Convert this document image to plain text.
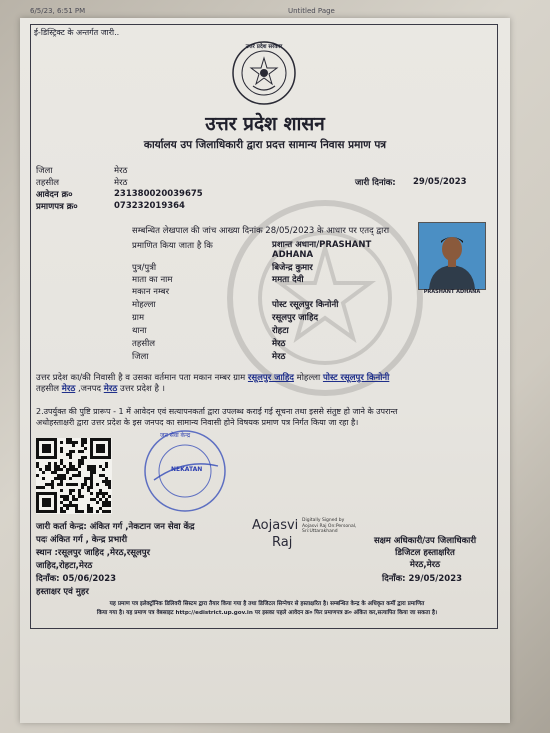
6/5/23, 6:51 PM	Untitled Page
ई-डिस्ट्रिक्ट के अन्तर्गत जारी..
उत्तर प्रदेश सरकार
उत्तर प्रदेश शासन
कार्यालय उप जिलाधिकारी द्वारा प्रदत्त सामान्य निवास प्रमाण पत्र
जिला	मेरठ
तहसील	मेरठ
आवेदन क्र०	231380020039675
प्रमाणपत्र क्र०	073232019364
जारी दिनांक: 29/05/2023
सम्बन्धित लेखपाल की जांच आख्या दिनांक 28/05/2023 के आधार पर एतद् द्वारा
प्रमाणित किया जाता है कि	प्रशान्त अधाना/PRASHANT
ADHANA
पुत्र/पुत्री	बिजेन्द्र कुमार
माता का नाम	ममता देवी
मकान नम्बर
मोहल्ला	पोस्ट रसूलपुर किनोनी
ग्राम	रसूलपुर जाहिद
थाना	रोहटा
तहसील	मेरठ
जिला	मेरठ
PRASHANT ADHANA
उत्तर प्रदेश का/की निवासी है व उसका वर्तमान पता मकान नम्बर ग्राम रसूलपुर जाहिद मोहल्ला पोस्ट रसूलपुर किनोनी
तहसील मेरठ ,जनपद मेरठ उत्तर प्रदेश है ।
2.उपर्युक्त की पुष्टि प्रारूप - 1 में आवेदन एवं सत्यापनकर्ता द्वारा उपलब्ध कराई गई सूचना तथा इससे संतुष्ट हो जाने के उपरान्त
अधोहस्ताक्षरी द्वारा उत्तर प्रदेश के इस जनपद का सामान्य निवासी होने विषयक प्रमाण पत्र निर्गत किया जा रहा है।
जन सेवा केन्द्र
NEKATAN
जारी कर्ता केन्द्र: अंकित गर्ग ,नेकटान जन सेवा केंद्र
पदः अंकित गर्ग , केन्द्र प्रभारी
स्थान :रसूलपुर जाहिद ,मेरठ,रसूलपुर
जाहिद,रोहटा,मेरठ
दिनाँक: 05/06/2023
हस्ताक्षर एवं मुहर
Aojasvi
Raj
Digitally Signed by
Aojasvi Raj On:Personal,
Sri:Uttarakhand
सक्षम अधिकारी/उप जिलाधिकारी
डिजिटल हस्ताक्षरित
मेरठ,मेरठ
दिनाँक: 29/05/2023
यह प्रमाण पत्र इलेक्ट्रॉनिक डिलिवरी सिस्टम द्वारा तैयार किया गया है तथा डिजिटल सिग्नेचर से हस्ताक्षरित है। सम्बन्धित केन्द्र के अधिकृत कर्मी द्वारा प्रमाणित
किया गया है। यह प्रमाण पत्र वेबसाइट http://edistrict.up.gov.in पर इसका पहले आवेदन क्र० फिर प्रमाणपत्र क्र० अंकित कर,सत्यापित किया जा सकता है।
